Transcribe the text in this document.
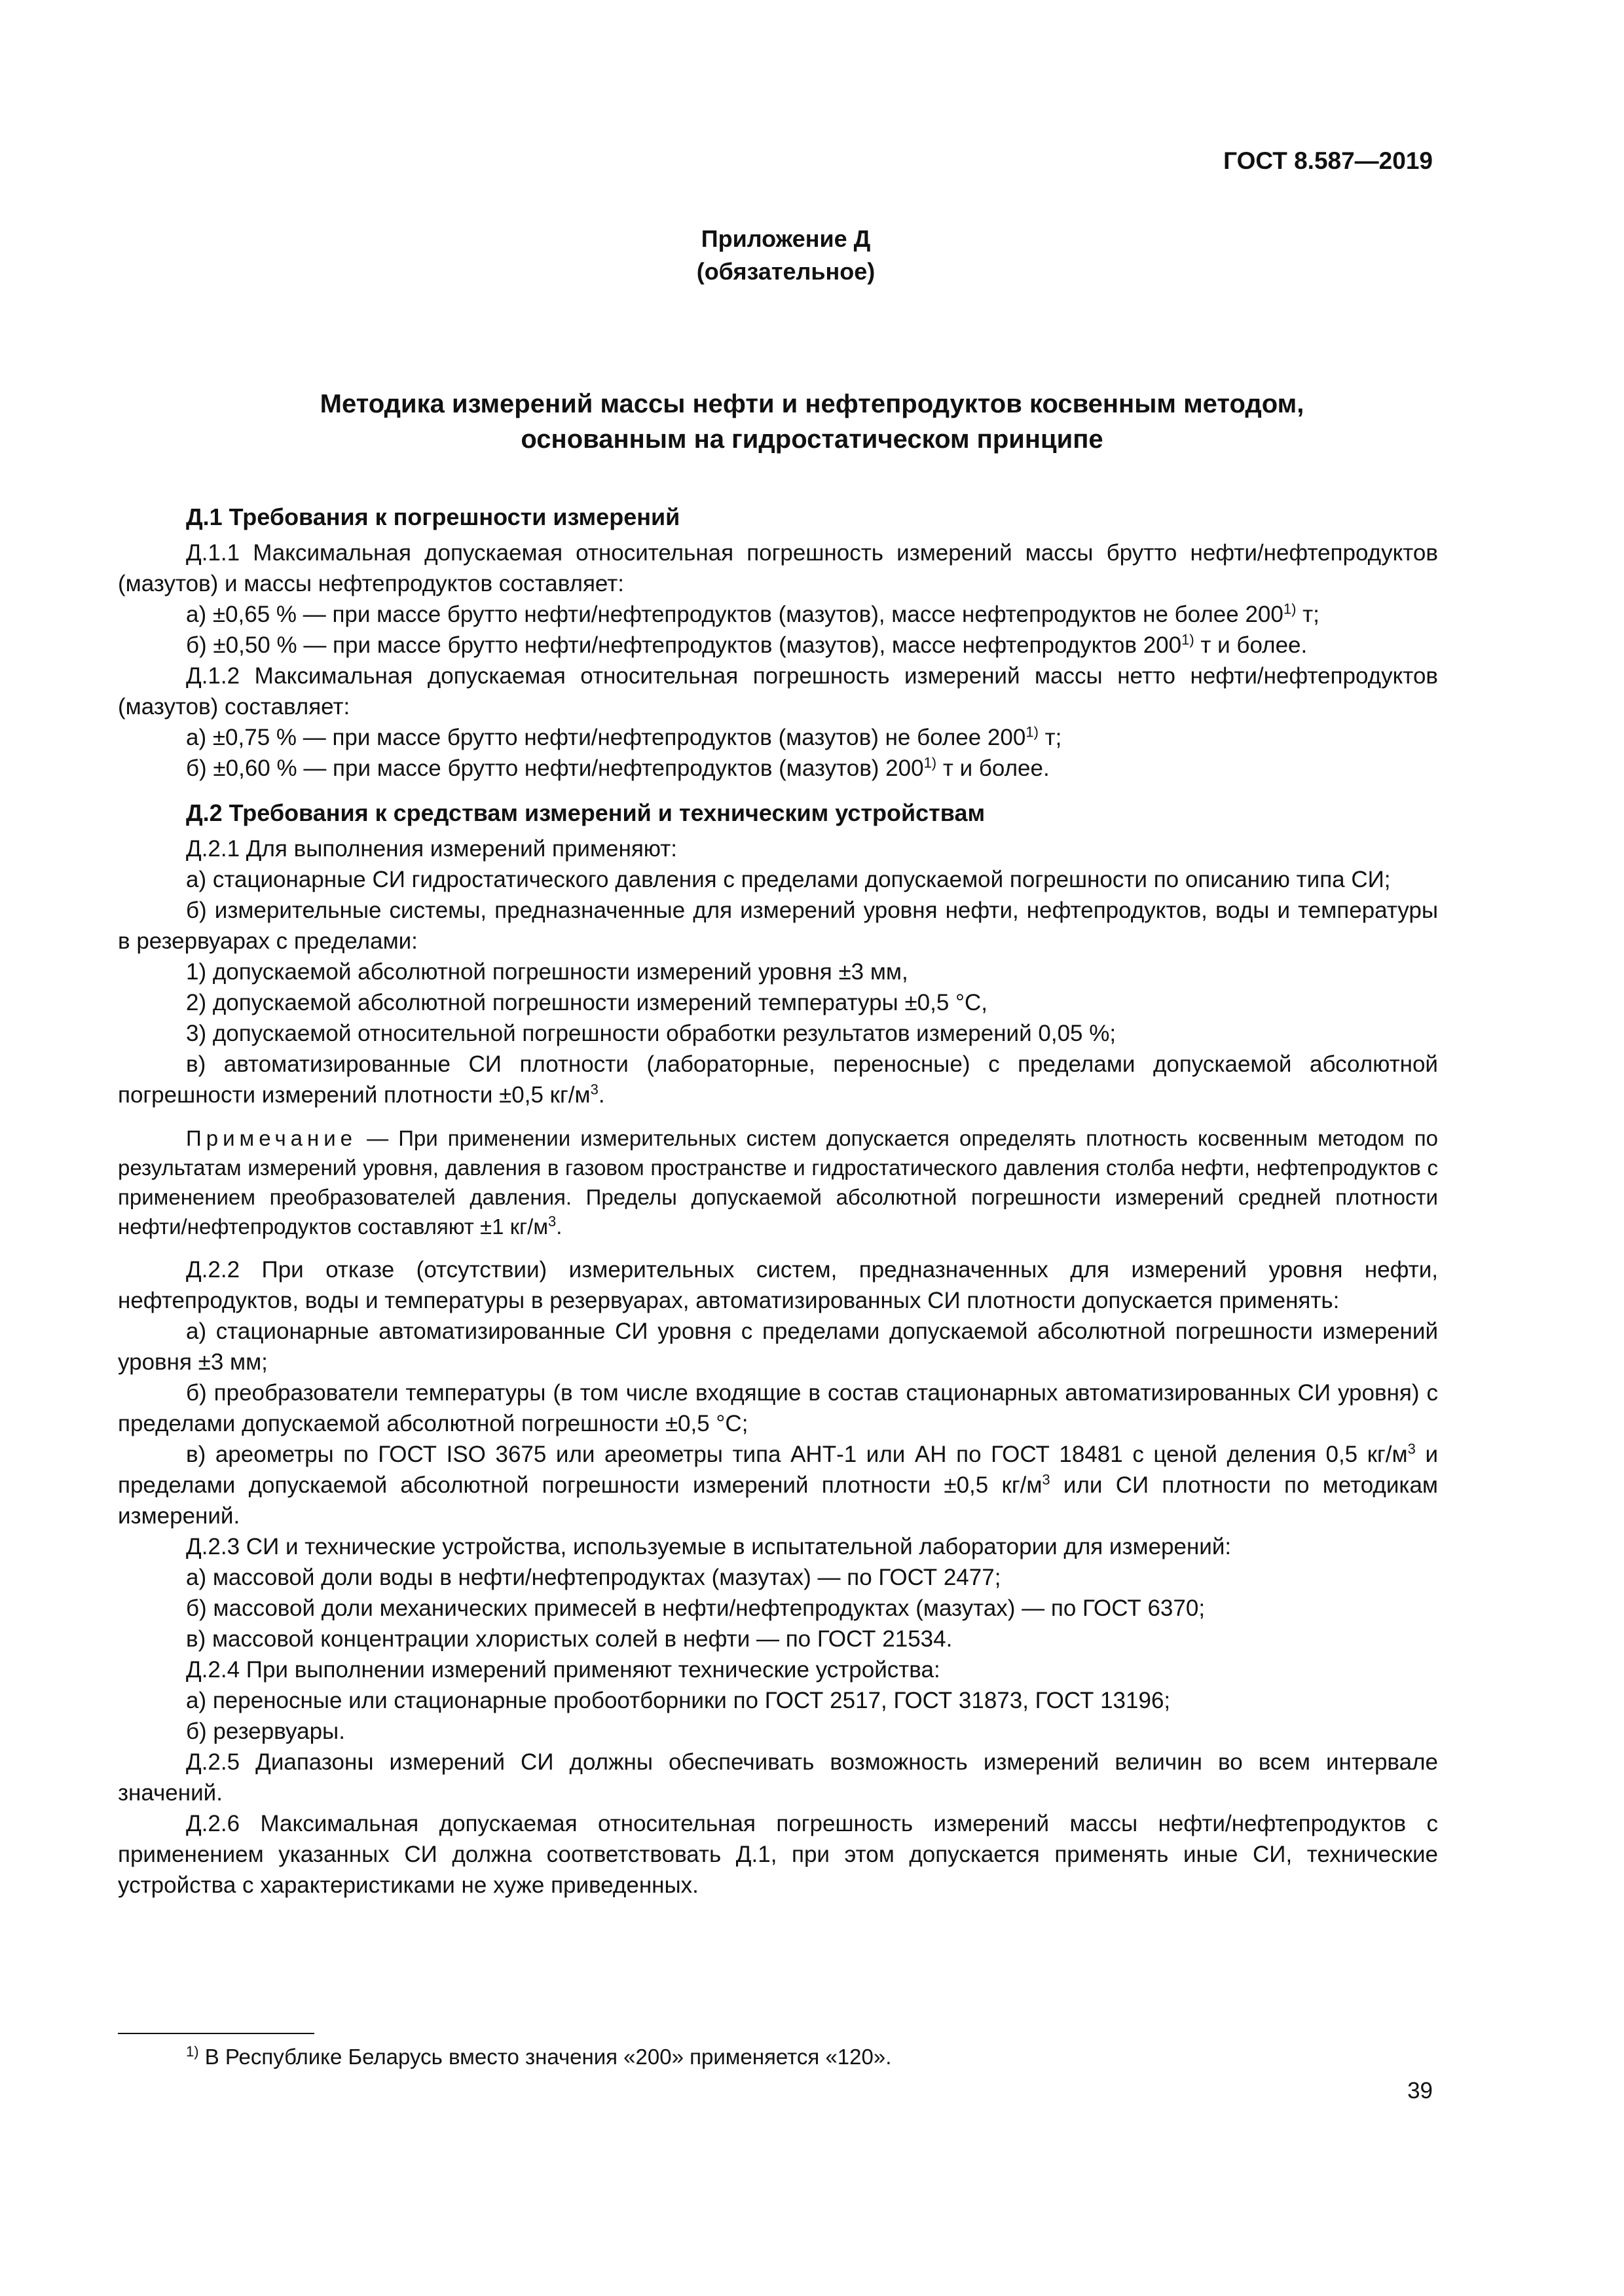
ГОСТ 8.587—2019
Приложение Д
(обязательное)
Методика измерений массы нефти и нефтепродуктов косвенным методом,
основанным на гидростатическом принципе

Д.1 Требования к погрешности измерений

Д.1.1 Максимальная допускаемая относительная погрешность измерений массы брутто нефти/нефтепродуктов (мазутов) и массы нефтепродуктов составляет:

а) ±0,65 % — при массе брутто нефти/нефтепродуктов (мазутов), массе нефтепродуктов не более 200$^{1)}$ т;

б) ±0,50 % — при массе брутто нефти/нефтепродуктов (мазутов), массе нефтепродуктов 200$^{1)}$ т и более.

Д.1.2 Максимальная допускаемая относительная погрешность измерений массы нетто нефти/нефтепродуктов (мазутов) составляет:

а) ±0,75 % — при массе брутто нефти/нефтепродуктов (мазутов) не более 200$^{1)}$ т;

б) ±0,60 % — при массе брутто нефти/нефтепродуктов (мазутов) 200$^{1)}$ т и более.

Д.2 Требования к средствам измерений и техническим устройствам

Д.2.1 Для выполнения измерений применяют:

а) стационарные СИ гидростатического давления с пределами допускаемой погрешности по описанию типа СИ;

б) измерительные системы, предназначенные для измерений уровня нефти, нефтепродуктов, воды и температуры в резервуарах с пределами:

1) допускаемой абсолютной погрешности измерений уровня ±3 мм,

2) допускаемой абсолютной погрешности измерений температуры ±0,5 °С,

3) допускаемой относительной погрешности обработки результатов измерений 0,05 %;

в) автоматизированные СИ плотности (лабораторные, переносные) с пределами допускаемой абсолютной погрешности измерений плотности ±0,5 $кг/м^3$.

Примечание — При применении измерительных систем допускается определять плотность косвенным методом по результатам измерений уровня, давления в газовом пространстве и гидростатического давления столба нефти, нефтепродуктов с применением преобразователей давления. Пределы допускаемой абсолютной погрешности измерений средней плотности нефти/нефтепродуктов составляют ±1 $кг/м^3$.

Д.2.2 При отказе (отсутствии) измерительных систем, предназначенных для измерений уровня нефти, нефтепродуктов, воды и температуры в резервуарах, автоматизированных СИ плотности допускается применять:

а) стационарные автоматизированные СИ уровня с пределами допускаемой абсолютной погрешности измерений уровня ±3 мм;

б) преобразователи температуры (в том числе входящие в состав стационарных автоматизированных СИ уровня) с пределами допускаемой абсолютной погрешности ±0,5 °С;

в) ареометры по ГОСТ ISO 3675 или ареометры типа АНТ-1 или АН по ГОСТ 18481 с ценой деления 0,5 $кг/м^3$ и пределами допускаемой абсолютной погрешности измерений плотности ±0,5 $кг/м^3$ или СИ плотности по методикам измерений.

Д.2.3 СИ и технические устройства, используемые в испытательной лаборатории для измерений:

а) массовой доли воды в нефти/нефтепродуктах (мазутах) — по ГОСТ 2477;

б) массовой доли механических примесей в нефти/нефтепродуктах (мазутах) — по ГОСТ 6370;

в) массовой концентрации хлористых солей в нефти — по ГОСТ 21534.

Д.2.4 При выполнении измерений применяют технические устройства:

а) переносные или стационарные пробоотборники по ГОСТ 2517, ГОСТ 31873, ГОСТ 13196;

б) резервуары.

Д.2.5 Диапазоны измерений СИ должны обеспечивать возможность измерений величин во всем интервале значений.

Д.2.6 Максимальная допускаемая относительная погрешность измерений массы нефти/нефтепродуктов с применением указанных СИ должна соответствовать Д.1, при этом допускается применять иные СИ, технические устройства с характеристиками не хуже приведенных.

$^{1)}$ В Республике Беларусь вместо значения «200» применяется «120».
39
